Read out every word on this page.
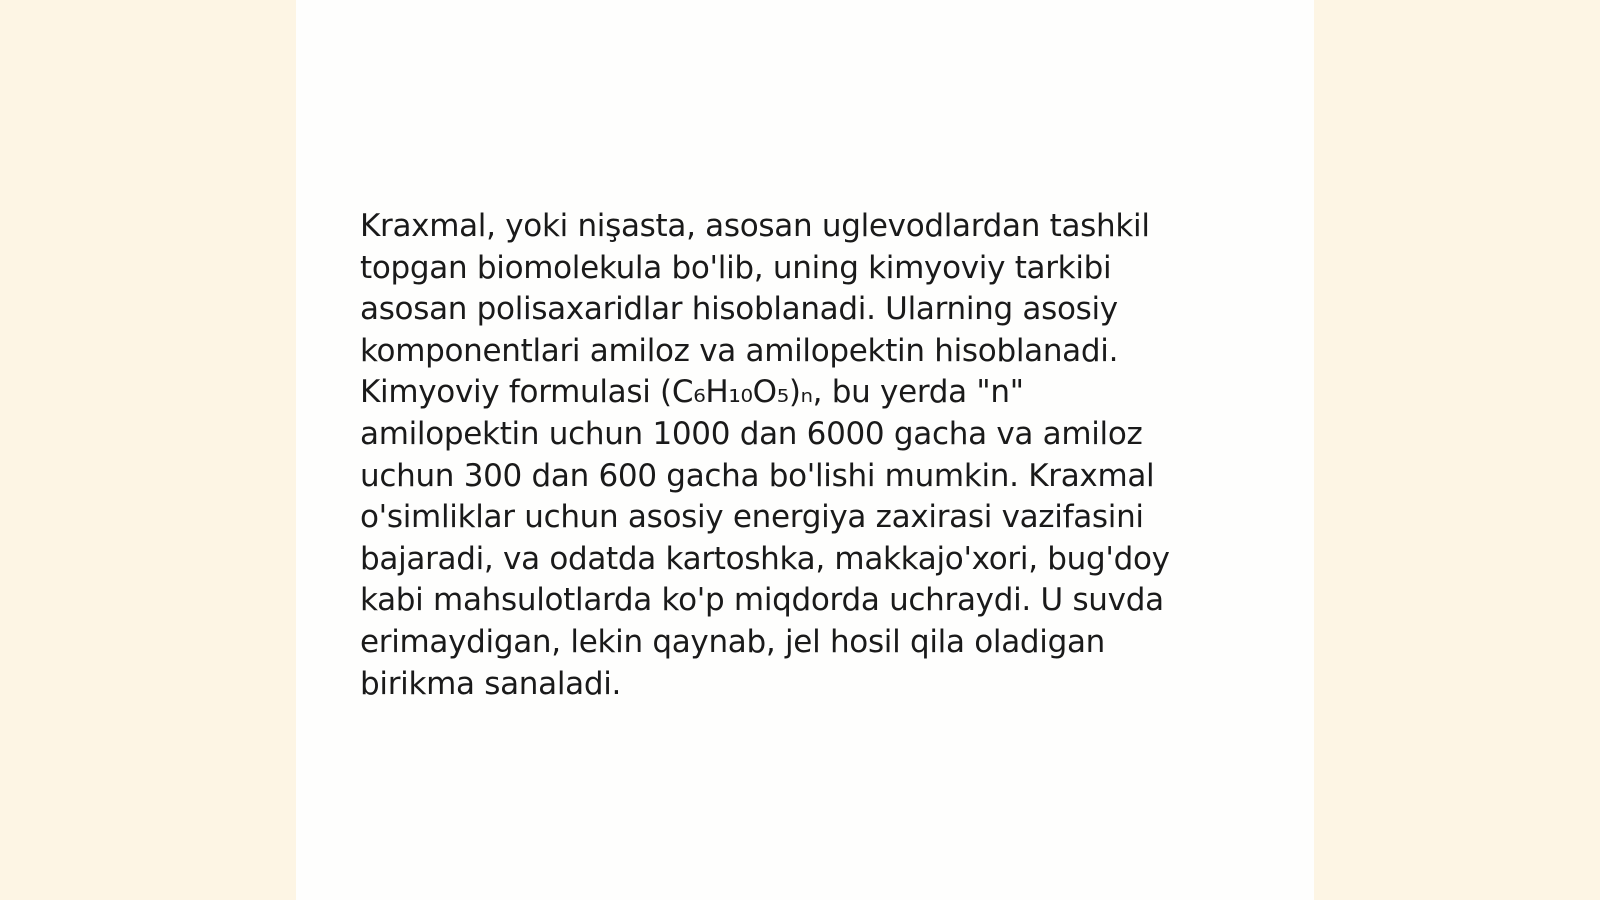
Kraxmal, yoki nişasta, asosan uglevodlardan tashkil
topgan biomolekula bo'lib, uning kimyoviy tarkibi
asosan polisaxaridlar hisoblanadi. Ularning asosiy
komponentlari amiloz va amilopektin hisoblanadi.
Kimyoviy formulasi (C₆H₁₀O₅)ₙ, bu yerda "n"
amilopektin uchun 1000 dan 6000 gacha va amiloz
uchun 300 dan 600 gacha bo'lishi mumkin. Kraxmal
o'simliklar uchun asosiy energiya zaxirasi vazifasini
bajaradi, va odatda kartoshka, makkajo'xori, bug'doy
kabi mahsulotlarda ko'p miqdorda uchraydi. U suvda
erimaydigan, lekin qaynab, jel hosil qila oladigan
birikma sanaladi.
